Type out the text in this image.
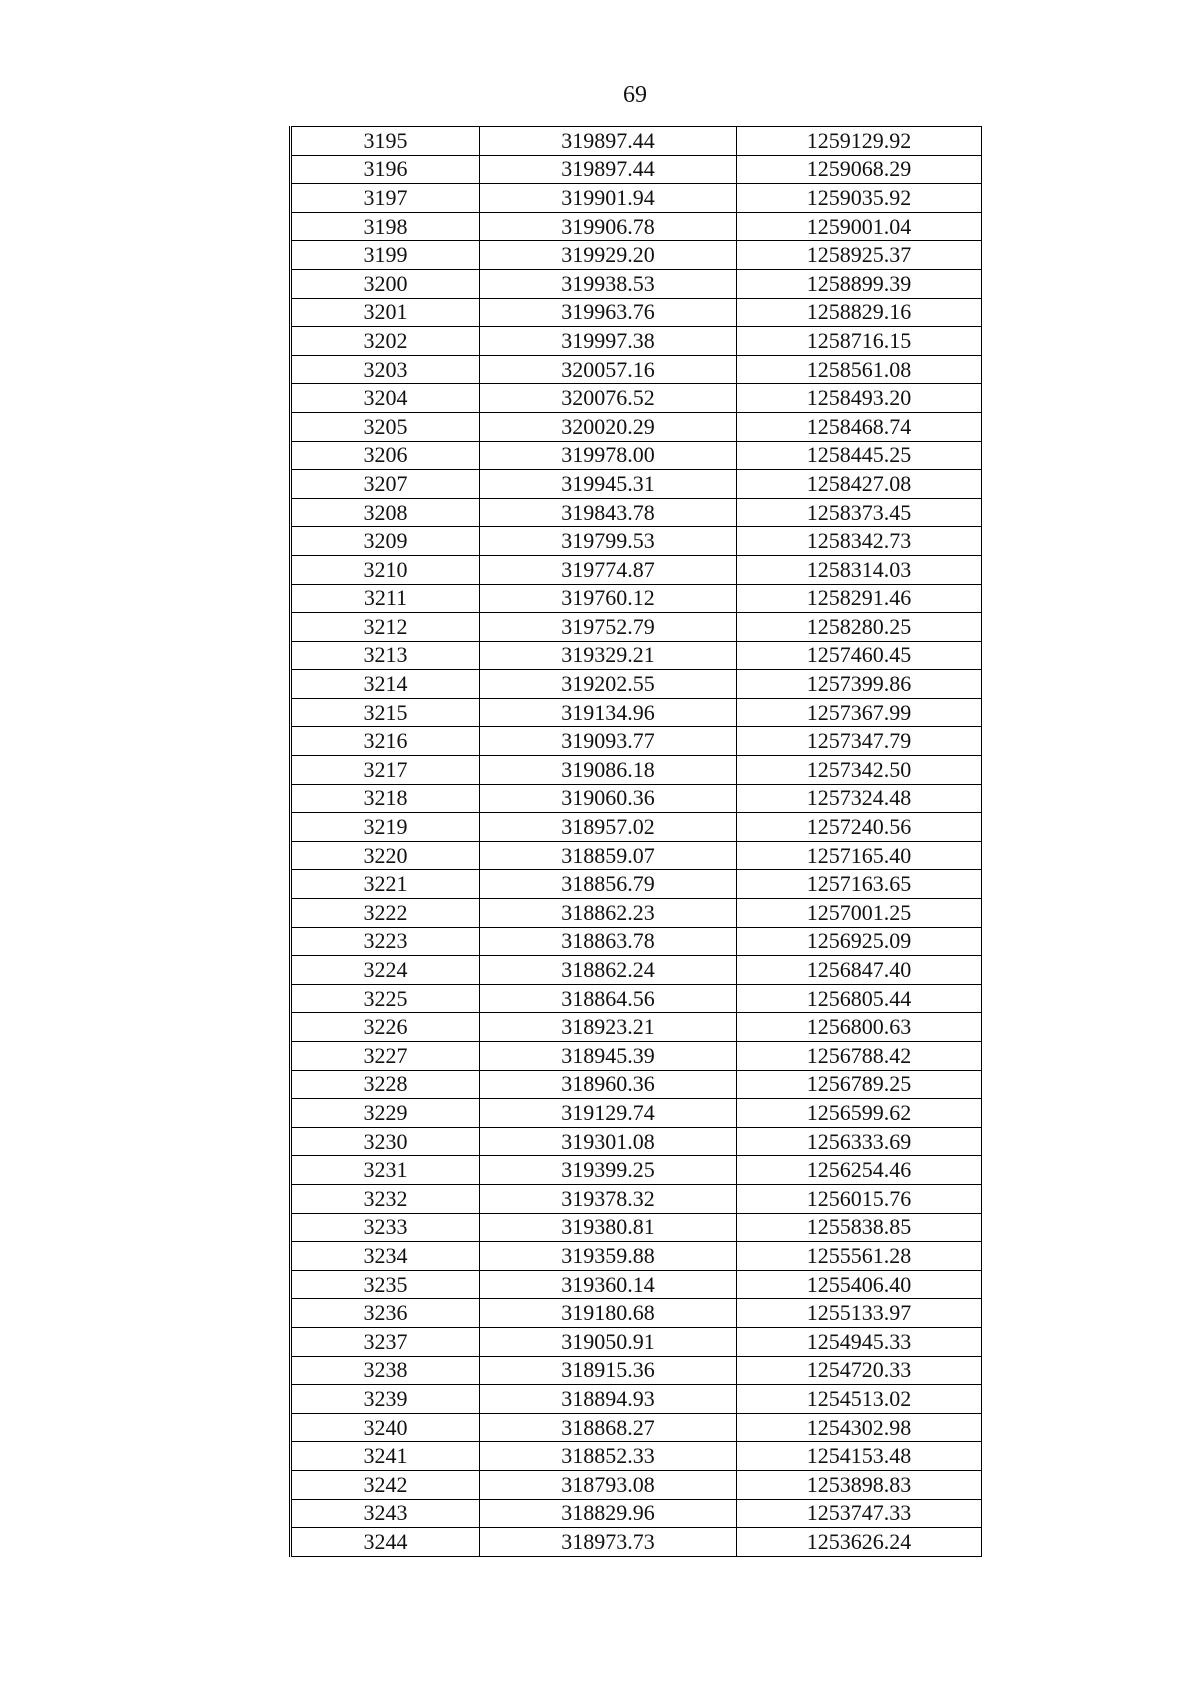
69
3195	319897.44	1259129.92
3196	319897.44	1259068.29
3197	319901.94	1259035.92
3198	319906.78	1259001.04
3199	319929.20	1258925.37
3200	319938.53	1258899.39
3201	319963.76	1258829.16
3202	319997.38	1258716.15
3203	320057.16	1258561.08
3204	320076.52	1258493.20
3205	320020.29	1258468.74
3206	319978.00	1258445.25
3207	319945.31	1258427.08
3208	319843.78	1258373.45
3209	319799.53	1258342.73
3210	319774.87	1258314.03
3211	319760.12	1258291.46
3212	319752.79	1258280.25
3213	319329.21	1257460.45
3214	319202.55	1257399.86
3215	319134.96	1257367.99
3216	319093.77	1257347.79
3217	319086.18	1257342.50
3218	319060.36	1257324.48
3219	318957.02	1257240.56
3220	318859.07	1257165.40
3221	318856.79	1257163.65
3222	318862.23	1257001.25
3223	318863.78	1256925.09
3224	318862.24	1256847.40
3225	318864.56	1256805.44
3226	318923.21	1256800.63
3227	318945.39	1256788.42
3228	318960.36	1256789.25
3229	319129.74	1256599.62
3230	319301.08	1256333.69
3231	319399.25	1256254.46
3232	319378.32	1256015.76
3233	319380.81	1255838.85
3234	319359.88	1255561.28
3235	319360.14	1255406.40
3236	319180.68	1255133.97
3237	319050.91	1254945.33
3238	318915.36	1254720.33
3239	318894.93	1254513.02
3240	318868.27	1254302.98
3241	318852.33	1254153.48
3242	318793.08	1253898.83
3243	318829.96	1253747.33
3244	318973.73	1253626.24
